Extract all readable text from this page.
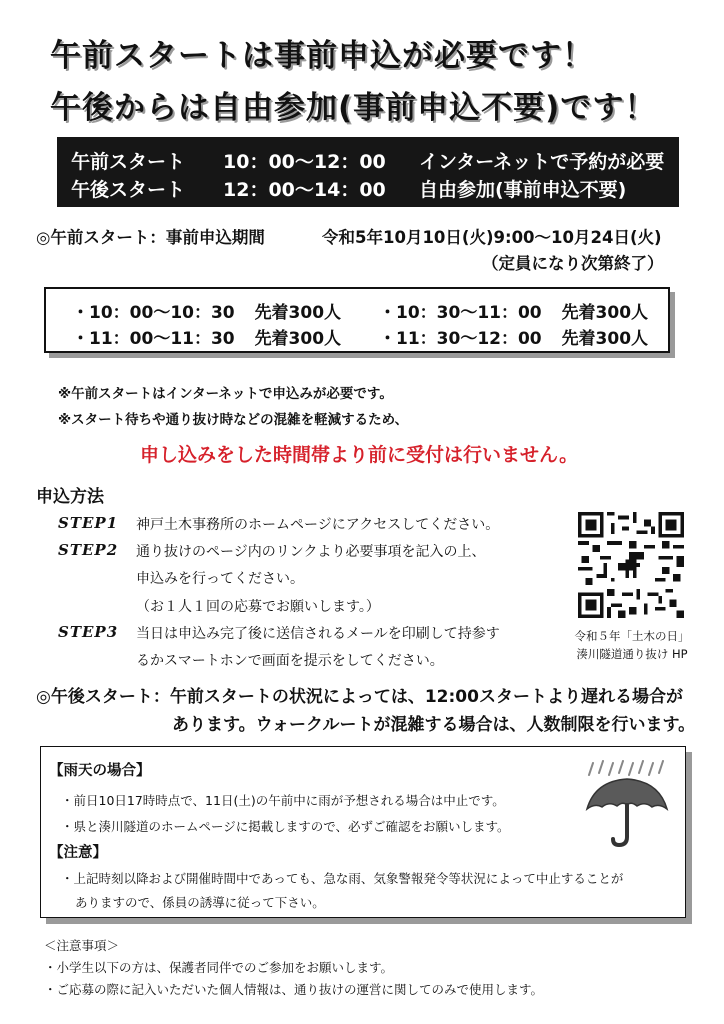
午前スタートは事前申込が必要です！
午後からは自由参加(事前申込不要)です！
午前スタート 10：00〜12：00 インターネットで予約が必要
午後スタート 12：00〜14：00 自由参加(事前申込不要)
◎午前スタート：事前申込期間	令和5年10月10日(火)9:00〜10月24日(火)
（定員になり次第終了）
・10：00〜10：30 先着300人 ・10：30〜11：00 先着300人
・11：00〜11：30 先着300人 ・11：30〜12：00 先着300人
※午前スタートはインターネットで申込みが必要です。
※スタート待ちや通り抜け時などの混雑を軽減するため、
申し込みをした時間帯より前に受付は行いません。
申込方法
STEP1 神戸土木事務所のホームページにアクセスしてください。
STEP2 通り抜けのページ内のリンクより必要事項を記入の上、
申込みを行ってください。
（お１人１回の応募でお願いします。）
STEP3 当日は申込み完了後に送信されるメールを印刷して持参す
るかスマートホンで画面を提示をしてください。
令和５年「土木の日」
湊川隧道通り抜け HP
◎午後スタート：午前スタートの状況によっては、12:00スタートより遅れる場合が
あります。ウォークルートが混雑する場合は、人数制限を行います。
【雨天の場合】
・前日10日17時時点で、11日(土)の午前中に雨が予想される場合は中止です。
・県と湊川隧道のホームページに掲載しますので、必ずご確認をお願いします。
【注意】
・上記時刻以降および開催時間中であっても、急な雨、気象警報発令等状況によって中止することが
ありますので、係員の誘導に従って下さい。
＜注意事項＞
・小学生以下の方は、保護者同伴でのご参加をお願いします。
・ご応募の際に記入いただいた個人情報は、通り抜けの運営に関してのみで使用します。
